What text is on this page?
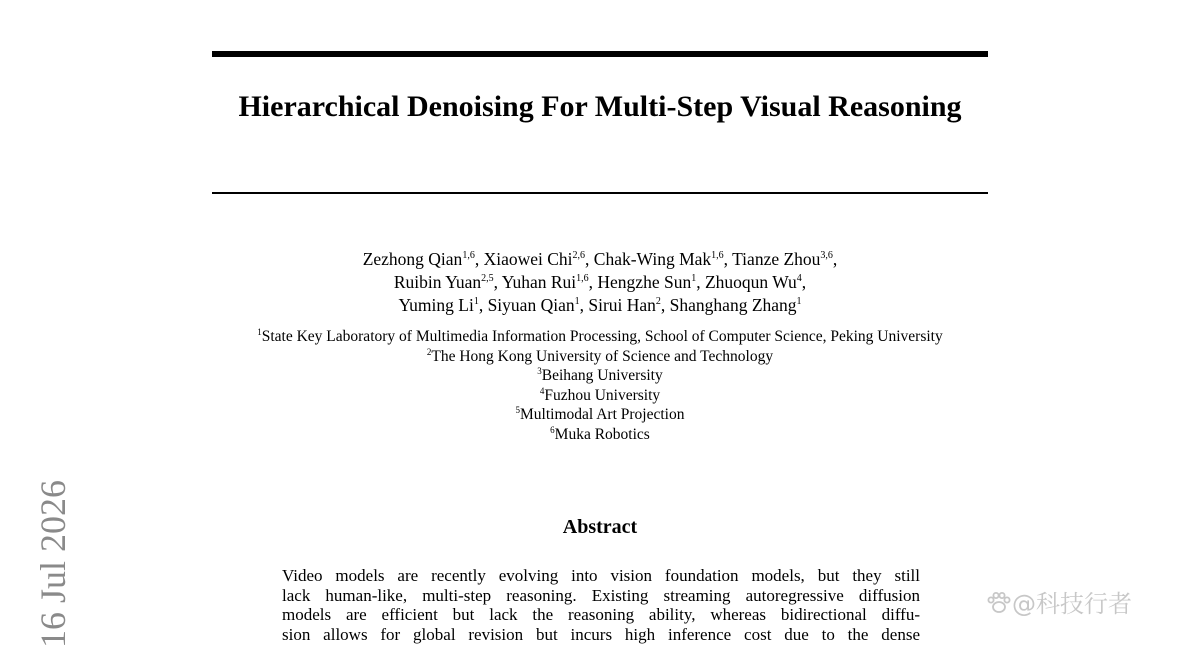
Hierarchical Denoising For Multi-Step Visual Reasoning
Zezhong Qian$^{1,6}$, Xiaowei Chi$^{2,6}$, Chak-Wing Mak$^{1,6}$, Tianze Zhou$^{3,6}$,
Ruibin Yuan$^{2,5}$, Yuhan Rui$^{1,6}$, Hengzhe Sun$^1$, Zhuoqun Wu$^4$,
Yuming Li$^1$, Siyuan Qian$^1$, Sirui Han$^2$, Shanghang Zhang$^1$
$^1$State Key Laboratory of Multimedia Information Processing, School of Computer Science, Peking University
$^2$The Hong Kong University of Science and Technology
$^3$Beihang University
$^4$Fuzhou University
$^5$Multimodal Art Projection
$^6$Muka Robotics
Abstract
Video models are recently evolving into vision foundation models, but they still
lack human-like, multi-step reasoning. Existing streaming autoregressive diffusion
models are efficient but lack the reasoning ability, whereas bidirectional diffu-
sion allows for global revision but incurs high inference cost due to the dense
16 Jul 2026	@科技行者
